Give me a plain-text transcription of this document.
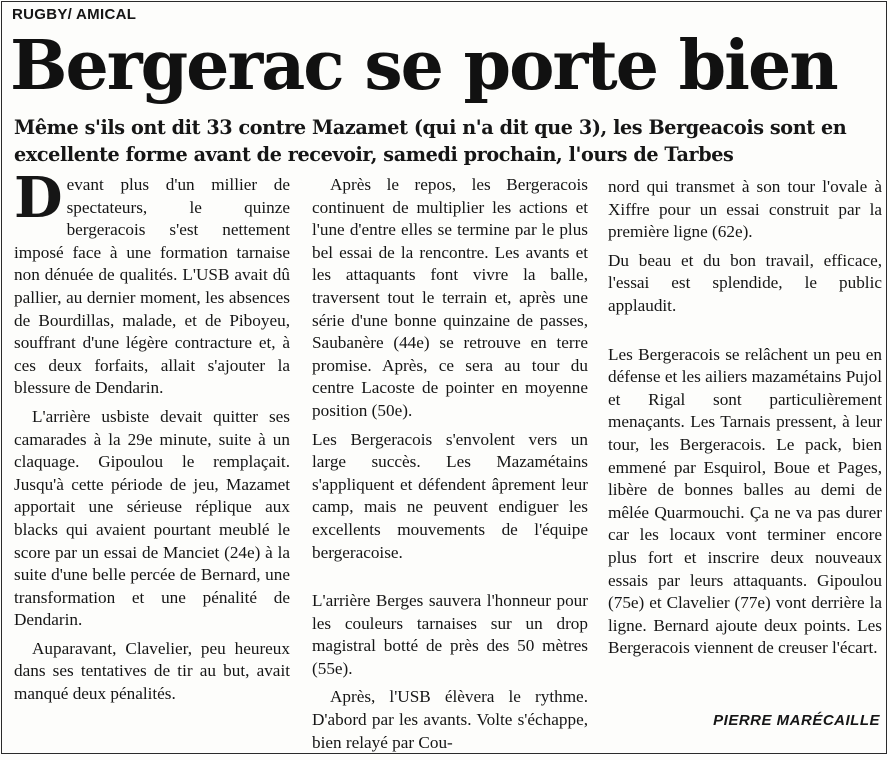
RUGBY/ AMICAL
Bergerac se porte bien
Même s'ils ont dit 33 contre Mazamet (qui n'a dit que 3), les Bergeacois sont en excellente forme avant de recevoir, samedi prochain, l'ours de Tarbes

Devant plus d'un millier de spectateurs, le quinze bergeracois s'est nettement imposé face à une formation tarnaise non dénuée de qualités. L'USB avait dû pallier, au dernier moment, les absences de Bourdillas, malade, et de Piboyeu, souffrant d'une légère contracture et, à ces deux forfaits, allait s'ajouter la blessure de Dendarin.

L'arrière usbiste devait quitter ses camarades à la 29e minute, suite à un claquage. Gipoulou le remplaçait. Jusqu'à cette période de jeu, Mazamet apportait une sérieuse réplique aux blacks qui avaient pourtant meublé le score par un essai de Manciet (24e) à la suite d'une belle percée de Bernard, une transformation et une pénalité de Dendarin.

Auparavant, Clavelier, peu heureux dans ses tentatives de tir au but, avait manqué deux pénalités.

Après le repos, les Bergeracois continuent de multiplier les actions et l'une d'entre elles se termine par le plus bel essai de la rencontre. Les avants et les attaquants font vivre la balle, traversent tout le terrain et, après une série d'une bonne quinzaine de passes, Saubanère (44e) se retrouve en terre promise. Après, ce sera au tour du centre Lacoste de pointer en moyenne position (50e).

Les Bergeracois s'envolent vers un large succès. Les Mazamétains s'appliquent et défendent âprement leur camp, mais ne peuvent endiguer les excellents mouvements de l'équipe bergeracoise.

L'arrière Berges sauvera l'honneur pour les couleurs tarnaises sur un drop magistral botté de près des 50 mètres (55e).

Après, l'USB élèvera le rythme. D'abord par les avants. Volte s'échappe, bien relayé par Cou-

nord qui transmet à son tour l'ovale à Xiffre pour un essai construit par la première ligne (62e).

Du beau et du bon travail, efficace, l'essai est splendide, le public applaudit.

Les Bergeracois se relâchent un peu en défense et les ailiers mazamétains Pujol et Rigal sont particulièrement menaçants. Les Tarnais pressent, à leur tour, les Bergeracois. Le pack, bien emmené par Esquirol, Boue et Pages, libère de bonnes balles au demi de mêlée Quarmouchi. Ça ne va pas durer car les locaux vont terminer encore plus fort et inscrire deux nouveaux essais par leurs attaquants. Gipoulou (75e) et Clavelier (77e) vont derrière la ligne. Bernard ajoute deux points. Les Bergeracois viennent de creuser l'écart.

PIERRE MARÉCAILLE
